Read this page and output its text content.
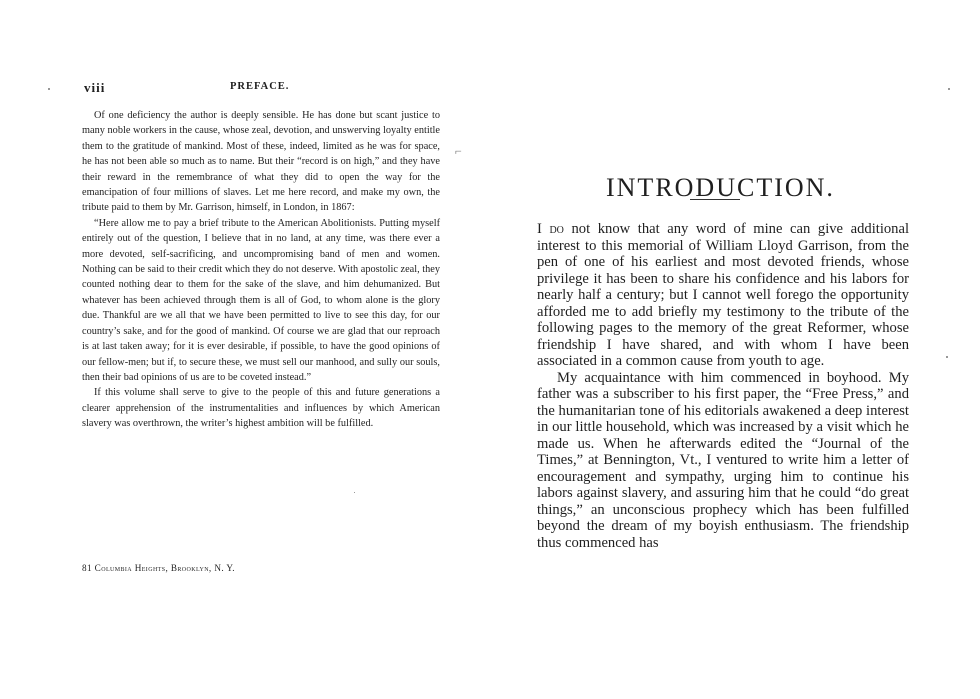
viii	PREFACE.

Of one deficiency the author is deeply sensible. He has done but scant justice to many noble workers in the cause, whose zeal, devotion, and unswerving loyalty entitle them to the gratitude of mankind. Most of these, indeed, limited as he was for space, he has not been able so much as to name. But their “record is on high,” and they have their reward in the remembrance of what they did to open the way for the emancipation of four millions of slaves. Let me here record, and make my own, the tribute paid to them by Mr. Garrison, himself, in London, in 1867:

“Here allow me to pay a brief tribute to the American Abolitionists. Putting myself entirely out of the question, I believe that in no land, at any time, was there ever a more devoted, self-sacrificing, and uncompromising band of men and women. Nothing can be said to their credit which they do not deserve. With apostolic zeal, they counted nothing dear to them for the sake of the slave, and him dehumanized. But whatever has been achieved through them is all of God, to whom alone is the glory due. Thankful are we all that we have been permitted to live to see this day, for our country’s sake, and for the good of mankind. Of course we are glad that our reproach is at last taken away; for it is ever desirable, if possible, to have the good opinions of our fellow-men; but if, to secure these, we must sell our manhood, and sully our souls, then their bad opinions of us are to be coveted instead.”

If this volume shall serve to give to the people of this and future generations a clearer apprehension of the instrumentalities and influences by which American slavery was overthrown, the writer’s highest ambition will be fulfilled.

81 Columbia Heights, Brooklyn, N. Y.
⌐
INTRODUCTION.

I do not know that any word of mine can give additional interest to this memorial of William Lloyd Garrison, from the pen of one of his earliest and most devoted friends, whose privilege it has been to share his confidence and his labors for nearly half a century; but I cannot well forego the opportunity afforded me to add briefly my testimony to the tribute of the following pages to the memory of the great Reformer, whose friendship I have shared, and with whom I have been associated in a common cause from youth to age.

My acquaintance with him commenced in boyhood. My father was a subscriber to his first paper, the “Free Press,” and the humanitarian tone of his editorials awakened a deep interest in our little household, which was increased by a visit which he made us. When he afterwards edited the “Journal of the Times,” at Bennington, Vt., I ventured to write him a letter of encouragement and sympathy, urging him to continue his labors against slavery, and assuring him that he could “do great things,” an unconscious prophecy which has been fulfilled beyond the dream of my boyish enthusiasm. The friendship thus commenced has
